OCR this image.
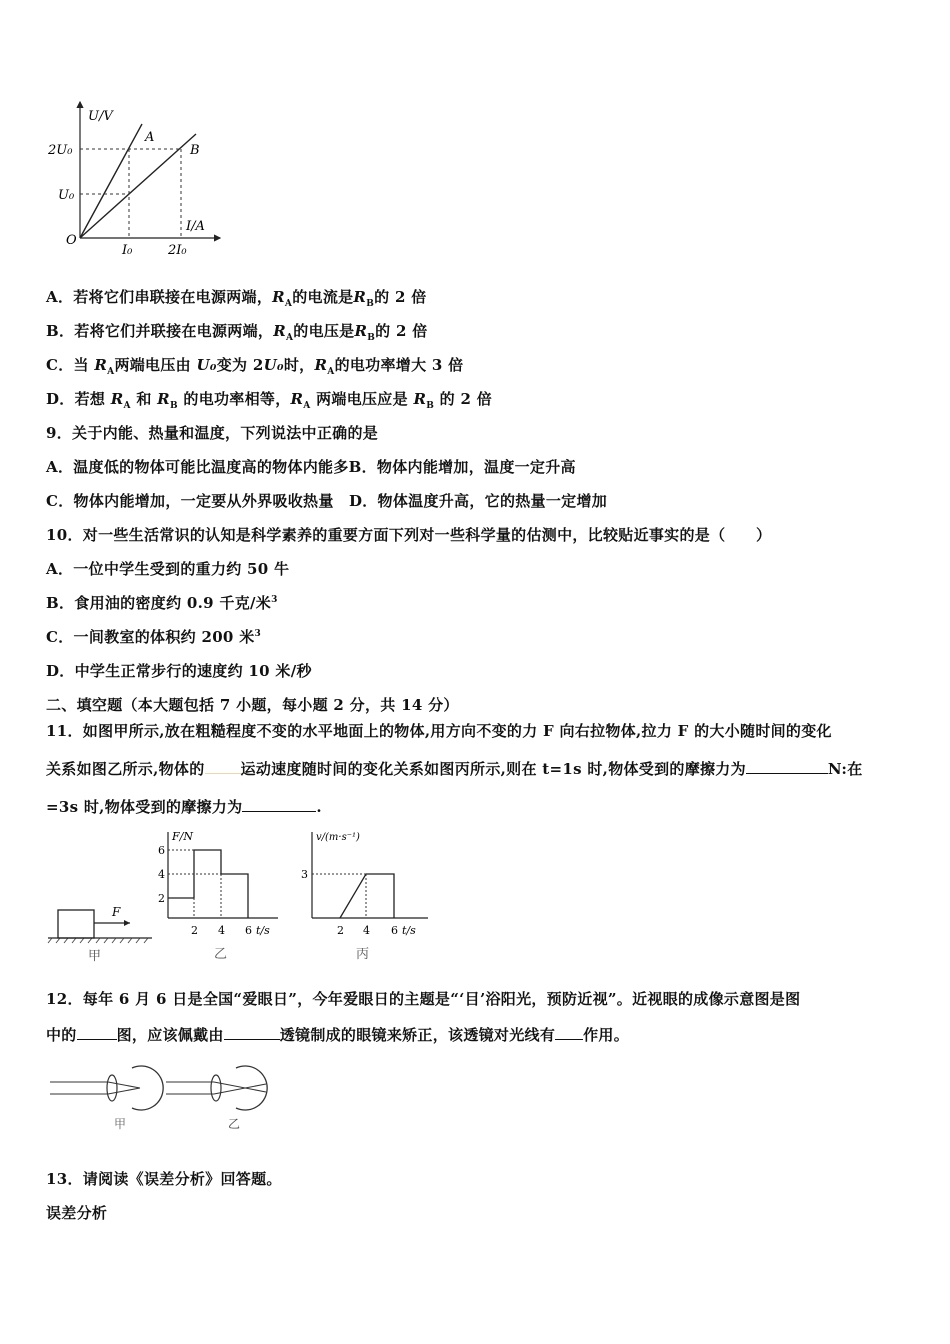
U/V
I/A
O
2U₀
U₀
I₀	2I₀
A
B
A．若将它们串联接在电源两端，$R_A$的电流是$R_B$的 2 倍
B．若将它们并联接在电源两端，$R_A$的电压是$R_B$的 2 倍
C．当 $R_A$两端电压由 U₀变为 2U₀时，$R_A$的电功率增大 3 倍
D．若想 $R_A$ 和 $R_B$ 的电功率相等，$R_A$ 两端电压应是 $R_B$ 的 2 倍
9．关于内能、热量和温度，下列说法中正确的是
A．温度低的物体可能比温度高的物体内能多B．物体内能增加，温度一定升高
C．物体内能增加，一定要从外界吸收热量　D．物体温度升高，它的热量一定增加
10．对一些生活常识的认知是科学素养的重要方面下列对一些科学量的估测中，比较贴近事实的是（　　）
A．一位中学生受到的重力约 50 牛
B．食用油的密度约 0.9 千克/米$^3$
C．一间教室的体积约 200 米$^3$
D．中学生正常步行的速度约 10 米/秒
二、填空题（本大题包括 7 小题，每小题 2 分，共 14 分）
11．如图甲所示,放在粗糙程度不变的水平地面上的物体,用方向不变的力 F 向右拉物体,拉力 F 的大小随时间的变化
关系如图乙所示,物体的 运动速度随时间的变化关系如图丙所示,则在 t=1s 时,物体受到的摩擦力为	N:在
=3s 时,物体受到的摩擦力为	.
F
甲
F/N
6
4
2
2 4 6 t/s
乙
v/(m·s⁻¹)
3
2 4 6 t/s
丙
12．每年 6 月 6 日是全国“爱眼日”，今年爱眼日的主题是“‘目’浴阳光，预防近视”。近视眼的成像示意图是图
中的	图，应该佩戴由	透镜制成的眼镜来矫正，该透镜对光线有 作用。
甲	乙
13．请阅读《误差分析》回答题。
误差分析
